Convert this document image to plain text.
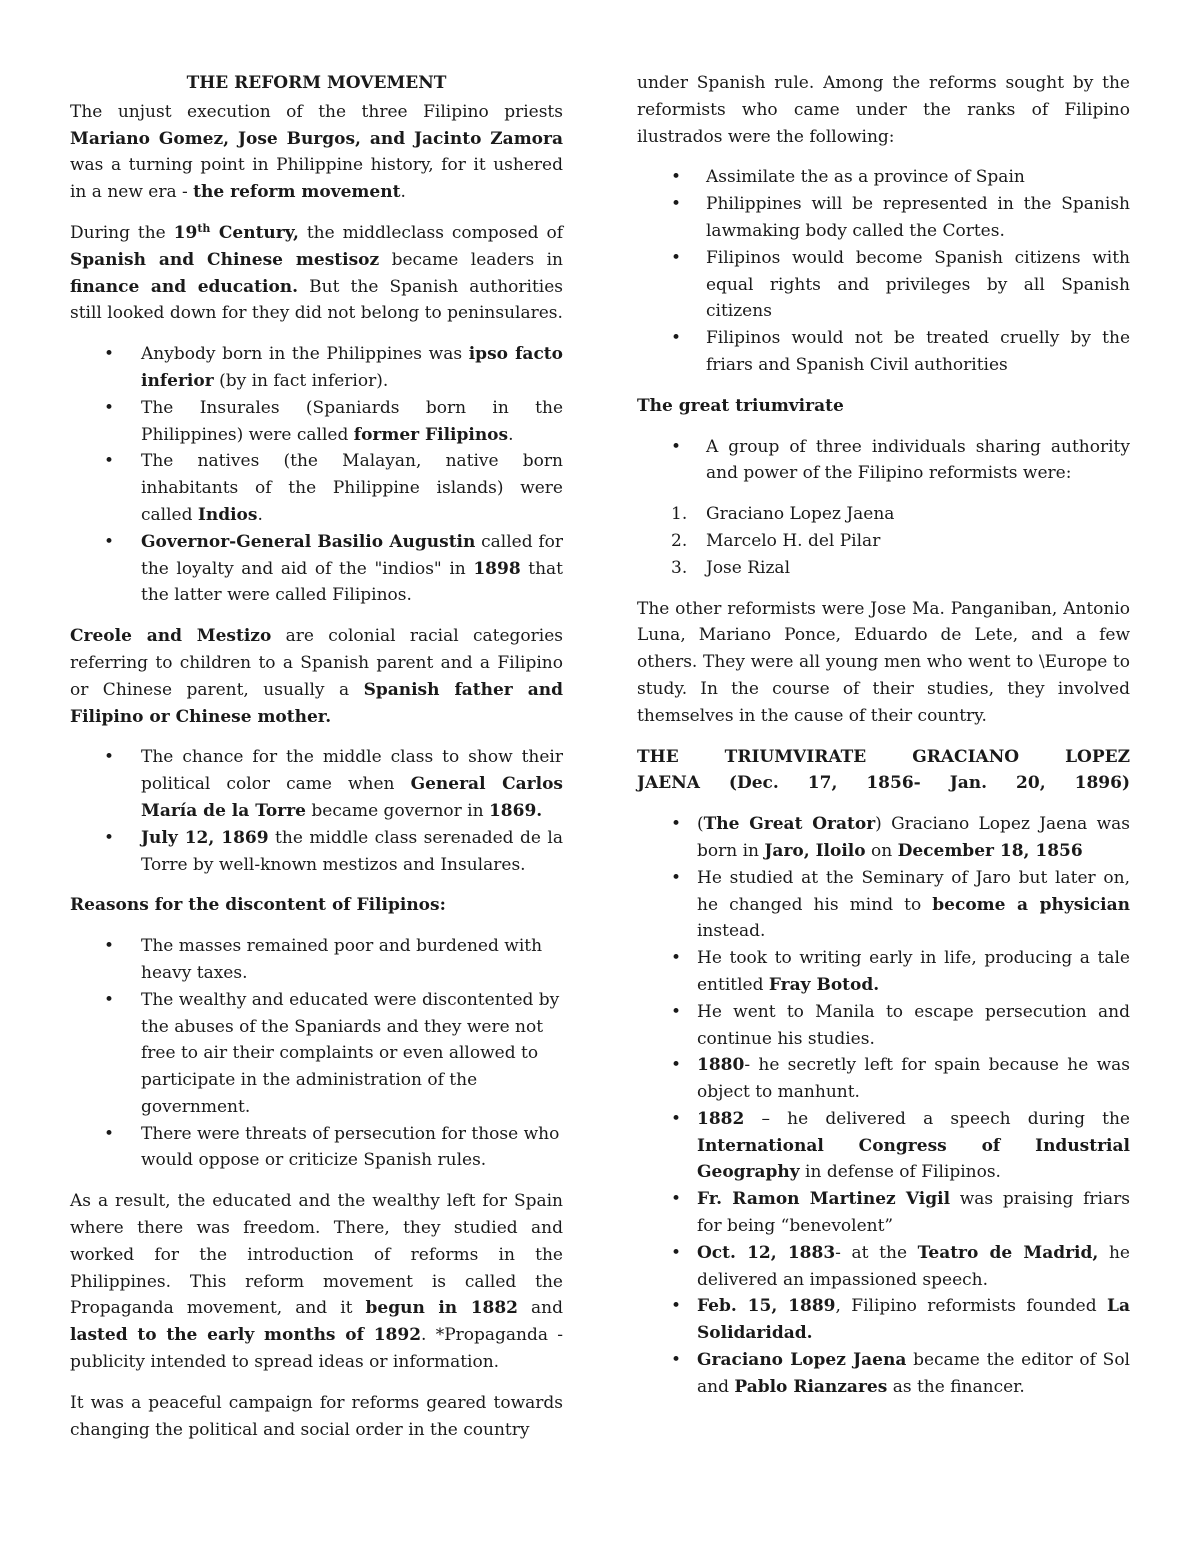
THE REFORM MOVEMENT

The unjust execution of the three Filipino priests Mariano Gomez, Jose Burgos, and Jacinto Zamora was a turning point in Philippine history, for it ushered in a new era - the reform movement.

During the 19th Century, the middleclass composed of Spanish and Chinese mestisoz became leaders in finance and education. But the Spanish authorities still looked down for they did not belong to peninsulares.

• Anybody born in the Philippines was ipso facto inferior (by in fact inferior).
• The Insurales (Spaniards born in the Philippines) were called former Filipinos.
• The natives (the Malayan, native born inhabitants of the Philippine islands) were called Indios.
• Governor-General Basilio Augustin called for the loyalty and aid of the "indios" in 1898 that the latter were called Filipinos.

Creole and Mestizo are colonial racial categories referring to children to a Spanish parent and a Filipino or Chinese parent, usually a Spanish father and Filipino or Chinese mother.

• The chance for the middle class to show their political color came when General Carlos María de la Torre became governor in 1869.
• July 12, 1869 the middle class serenaded de la Torre by well-known mestizos and Insulares.
Reasons for the discontent of Filipinos:
• The masses remained poor and burdened with heavy taxes.
• The wealthy and educated were discontented by the abuses of the Spaniards and they were not free to air their complaints or even allowed to participate in the administration of the government.
• There were threats of persecution for those who would oppose or criticize Spanish rules.

As a result, the educated and the wealthy left for Spain where there was freedom. There, they studied and worked for the introduction of reforms in the Philippines. This reform movement is called the Propaganda movement, and it begun in 1882 and lasted to the early months of 1892. *Propaganda - publicity intended to spread ideas or information.

It was a peaceful campaign for reforms geared towards changing the political and social order in the country

under Spanish rule. Among the reforms sought by the reformists who came under the ranks of Filipino ilustrados were the following:

• Assimilate the as a province of Spain
• Philippines will be represented in the Spanish lawmaking body called the Cortes.
• Filipinos would become Spanish citizens with equal rights and privileges by all Spanish citizens
• Filipinos would not be treated cruelly by the friars and Spanish Civil authorities
The great triumvirate
• A group of three individuals sharing authority and power of the Filipino reformists were:
1. Graciano Lopez Jaena
2. Marcelo H. del Pilar
3. Jose Rizal

The other reformists were Jose Ma. Panganiban, Antonio Luna, Mariano Ponce, Eduardo de Lete, and a few others. They were all young men who went to \Europe to study. In the course of their studies, they involved themselves in the cause of their country.

THE TRIUMVIRATE GRACIANO LOPEZ
JAENA (Dec. 17, 1856- Jan. 20, 1896)
• (The Great Orator) Graciano Lopez Jaena was born in Jaro, Iloilo on December 18, 1856
• He studied at the Seminary of Jaro but later on, he changed his mind to become a physician instead.
• He took to writing early in life, producing a tale entitled Fray Botod.
• He went to Manila to escape persecution and continue his studies.
• 1880- he secretly left for spain because he was object to manhunt.
• 1882 – he delivered a speech during the International Congress of Industrial Geography in defense of Filipinos.
• Fr. Ramon Martinez Vigil was praising friars for being “benevolent”
• Oct. 12, 1883- at the Teatro de Madrid, he delivered an impassioned speech.
• Feb. 15, 1889, Filipino reformists founded La Solidaridad.
• Graciano Lopez Jaena became the editor of Sol and Pablo Rianzares as the financer.
